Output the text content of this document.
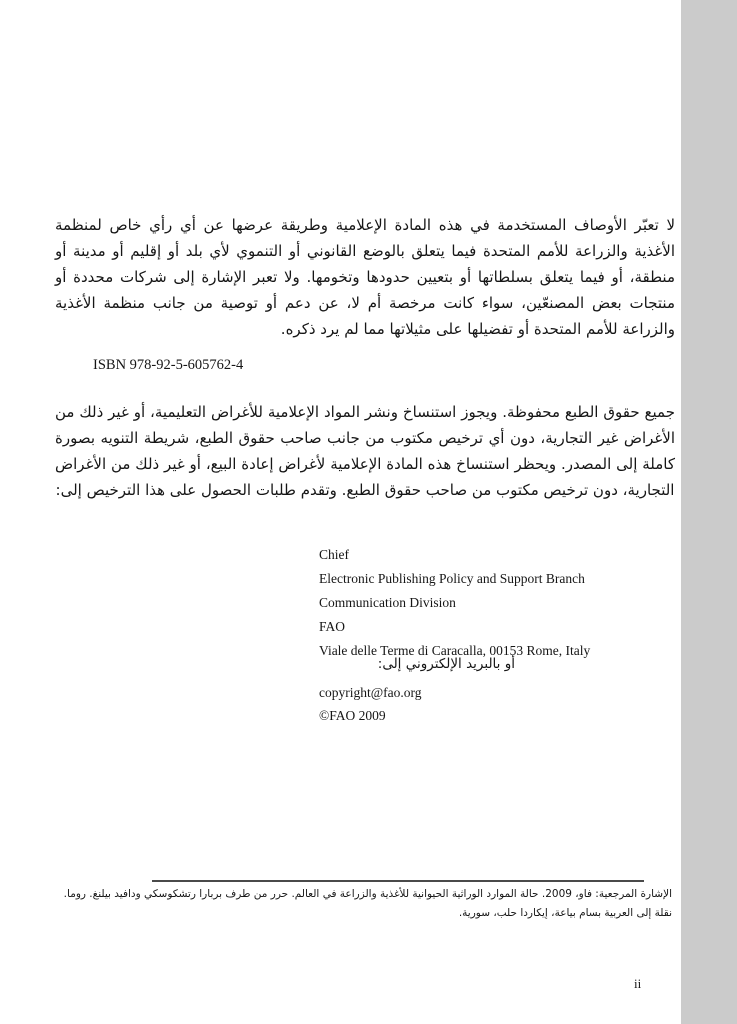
لا تعبّر الأوصاف المستخدمة في هذه المادة الإعلامية وطريقة عرضها عن أي رأي خاص لمنظمة الأغذية والزراعة للأمم المتحدة فيما يتعلق بالوضع القانوني أو التنموي لأي بلد أو إقليم أو مدينة أو منطقة، أو فيما يتعلق بسلطاتها أو بتعيين حدودها وتخومها. ولا تعبر الإشارة إلى شركات محددة أو منتجات بعض المصنعّين، سواء كانت مرخصة أم لا، عن دعم أو توصية من جانب منظمة الأغذية والزراعة للأمم المتحدة أو تفضيلها على مثيلاتها مما لم يرد ذكره.

ISBN 978-92-5-605762-4

جميع حقوق الطبع محفوظة. ويجوز استنساخ ونشر المواد الإعلامية للأغراض التعليمية، أو غير ذلك من الأغراض غير التجارية، دون أي ترخيص مكتوب من جانب صاحب حقوق الطبع، شريطة التنويه بصورة كاملة إلى المصدر. ويحظر استنساخ هذه المادة الإعلامية لأغراض إعادة البيع، أو غير ذلك من الأغراض التجارية، دون ترخيص مكتوب من صاحب حقوق الطبع. وتقدم طلبات الحصول على هذا الترخيص إلى:

Chief
Electronic Publishing Policy and Support Branch
Communication Division
FAO
Viale delle Terme di Caracalla, 00153 Rome, Italy
أو بالبريد الإلكتروني إلى:
copyright@fao.org
©FAO 2009
الإشارة المرجعية: فاو، 2009. حالة الموارد الوراثية الحيوانية للأغذية والزراعة في العالم. حرر من طرف بربارا رتشكوسكي ودافيد بيلنغ. روما.
نقلة إلى العربية بسام بياعة، إيكاردا حلب، سورية.
ii
